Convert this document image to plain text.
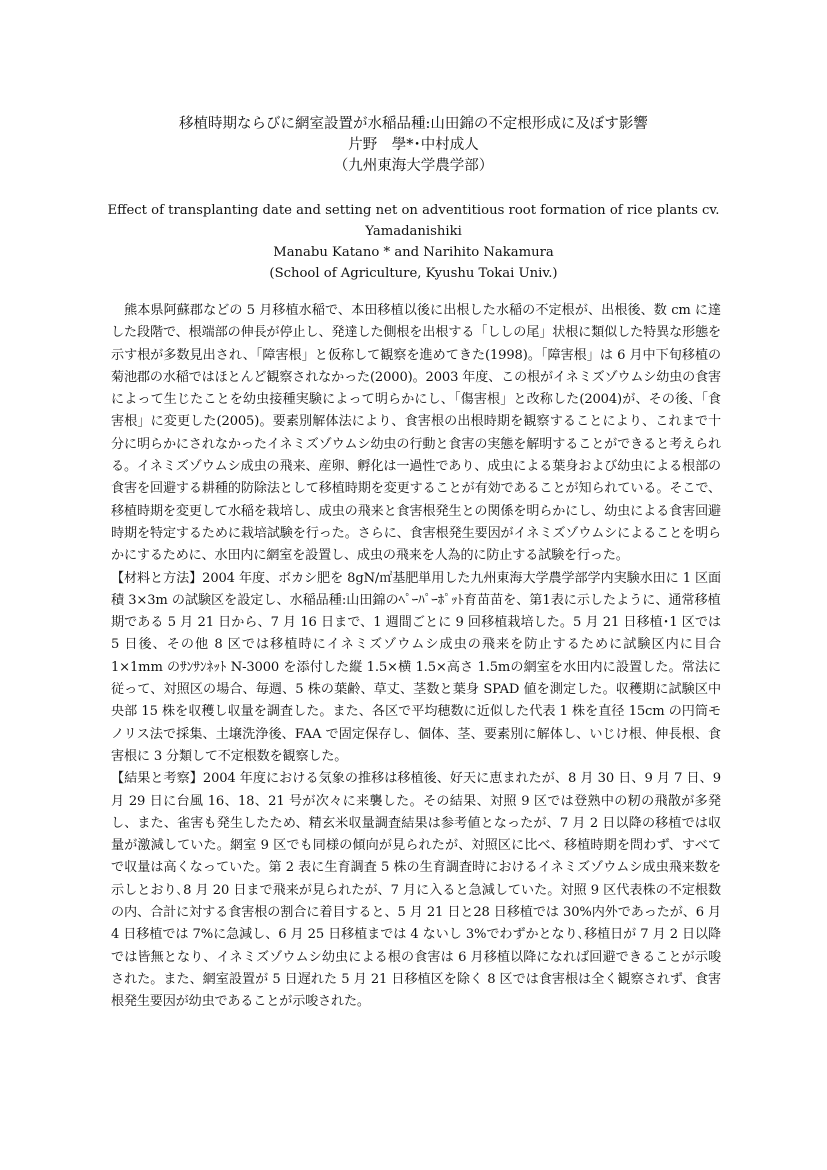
移植時期ならびに網室設置が水稲品種:山田錦の不定根形成に及ぼす影響
片野　學*･中村成人
（九州東海大学農学部）
Effect of transplanting date and setting net on adventitious root formation of rice plants cv.
Yamadanishiki
Manabu Katano * and Narihito Nakamura
(School of Agriculture, Kyushu Tokai Univ.)

熊本県阿蘇郡などの 5 月移植水稲で、本田移植以後に出根した水稲の不定根が、出根後、数 cm に達した段階で、根端部の伸長が停止し、発達した側根を出根する「ししの尾」状根に類似した特異な形態を示す根が多数見出され、「障害根」と仮称して観察を進めてきた(1998)。「障害根」は 6 月中下旬移植の菊池郡の水稲ではほとんど観察されなかった(2000)。2003 年度、この根がイネミズゾウムシ幼虫の食害によって生じたことを幼虫接種実験によって明らかにし、「傷害根」と改称した(2004)が、その後、「食害根」に変更した(2005)。要素別解体法により、食害根の出根時期を観察することにより、これまで十分に明らかにされなかったイネミズゾウムシ幼虫の行動と食害の実態を解明することができると考えられる。イネミズゾウムシ成虫の飛来、産卵、孵化は一過性であり、成虫による葉身および幼虫による根部の食害を回避する耕種的防除法として移植時期を変更することが有効であることが知られている。そこで、移植時期を変更して水稲を栽培し、成虫の飛来と食害根発生との関係を明らかにし、幼虫による食害回避時期を特定するために栽培試験を行った。さらに、食害根発生要因がイネミズゾウムシによることを明らかにするために、水田内に網室を設置し、成虫の飛来を人為的に防止する試験を行った。

【材料と方法】2004 年度、ボカシ肥を 8gN/㎡基肥単用した九州東海大学農学部学内実験水田に 1 区面積 3×3m の試験区を設定し、水稲品種:山田錦のﾍﾟｰﾊﾟｰﾎﾟｯﾄ育苗苗を、第1表に示したように、通常移植期である 5 月 21 日から、7 月 16 日まで、1 週間ごとに 9 回移植栽培した。5 月 21 日移植･1 区では 5 日後、その他 8 区では移植時にイネミズゾウムシ成虫の飛来を防止するために試験区内に目合 1×1mm のｻﾝｻﾝﾈｯﾄ N-3000 を添付した縦 1.5×横 1.5×高さ 1.5mの網室を水田内に設置した。常法に従って、対照区の場合、毎週、5 株の葉齢、草丈、茎数と葉身 SPAD 値を測定した。収穫期に試験区中央部 15 株を収穫し収量を調査した。また、各区で平均穂数に近似した代表 1 株を直径 15cm の円筒モノリス法で採集、土壌洗浄後、FAA で固定保存し、個体、茎、要素別に解体し、いじけ根、伸長根、食害根に 3 分類して不定根数を観察した。

【結果と考察】2004 年度における気象の推移は移植後、好天に恵まれたが、8 月 30 日、9 月 7 日、9 月 29 日に台風 16、18、21 号が次々に来襲した。その結果、対照 9 区では登熟中の籾の飛散が多発し、また、雀害も発生したため、精玄米収量調査結果は参考値となったが、7 月 2 日以降の移植では収量が激減していた。網室 9 区でも同様の傾向が見られたが、対照区に比べ、移植時期を問わず、すべてで収量は高くなっていた。第 2 表に生育調査 5 株の生育調査時におけるイネミズゾウムシ成虫飛来数を示しとおり､8 月 20 日まで飛来が見られたが、7 月に入ると急減していた。対照 9 区代表株の不定根数の内、合計に対する食害根の割合に着目すると、5 月 21 日と28 日移植では 30%内外であったが、6 月 4 日移植では 7%に急減し、6 月 25 日移植までは 4 ないし 3%でわずかとなり､移植日が 7 月 2 日以降では皆無となり、イネミズゾウムシ幼虫による根の食害は 6 月移植以降になれば回避できることが示唆された。また、網室設置が 5 日遅れた 5 月 21 日移植区を除く 8 区では食害根は全く観察されず、食害根発生要因が幼虫であることが示唆された。
